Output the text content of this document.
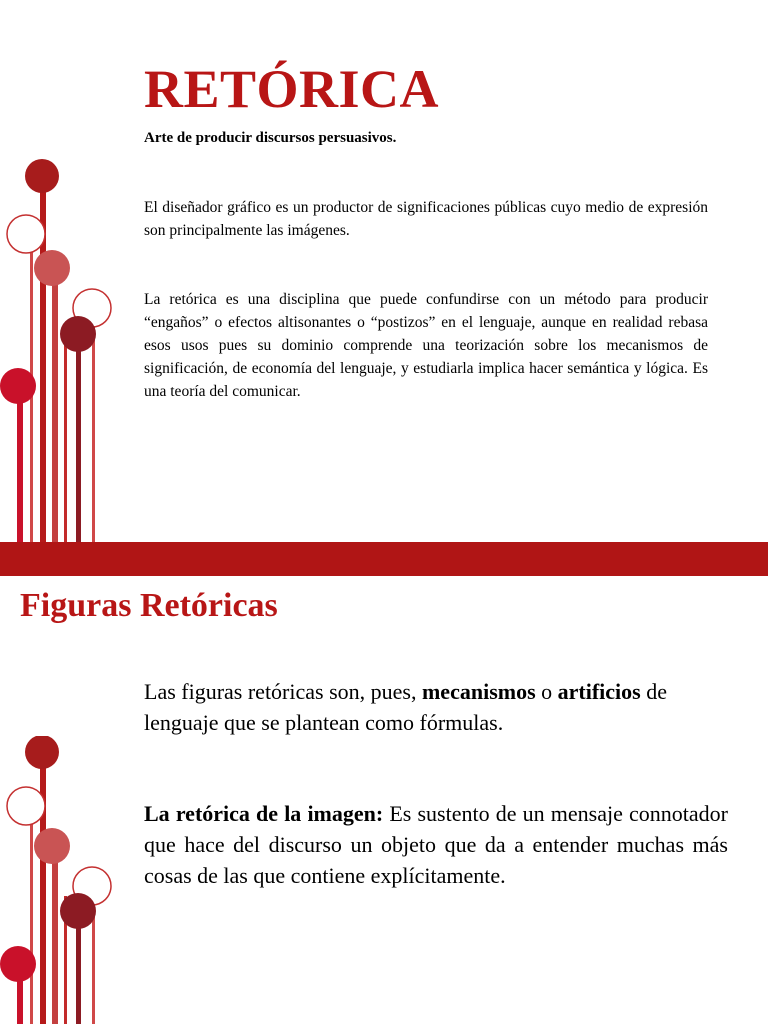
RETÓRICA

Arte de producir discursos persuasivos.

El diseñador gráfico es un productor de significaciones públicas cuyo medio de expresión son principalmente las imágenes.

La retórica es una disciplina que puede confundirse con un método para producir “engaños” o efectos altisonantes o “postizos” en el lenguaje, aunque en realidad rebasa esos usos pues su dominio comprende una teorización sobre los mecanismos de significación, de economía del lenguaje, y estudiarla implica hacer semántica y lógica. Es una teoría del comunicar.

Figuras Retóricas

Las figuras retóricas son, pues, mecanismos o artificios de lenguaje que se plantean como fórmulas.

La retórica de la imagen: Es sustento de un mensaje connotador que hace del discurso un objeto que da a entender muchas más cosas de las que contiene explícitamente.
